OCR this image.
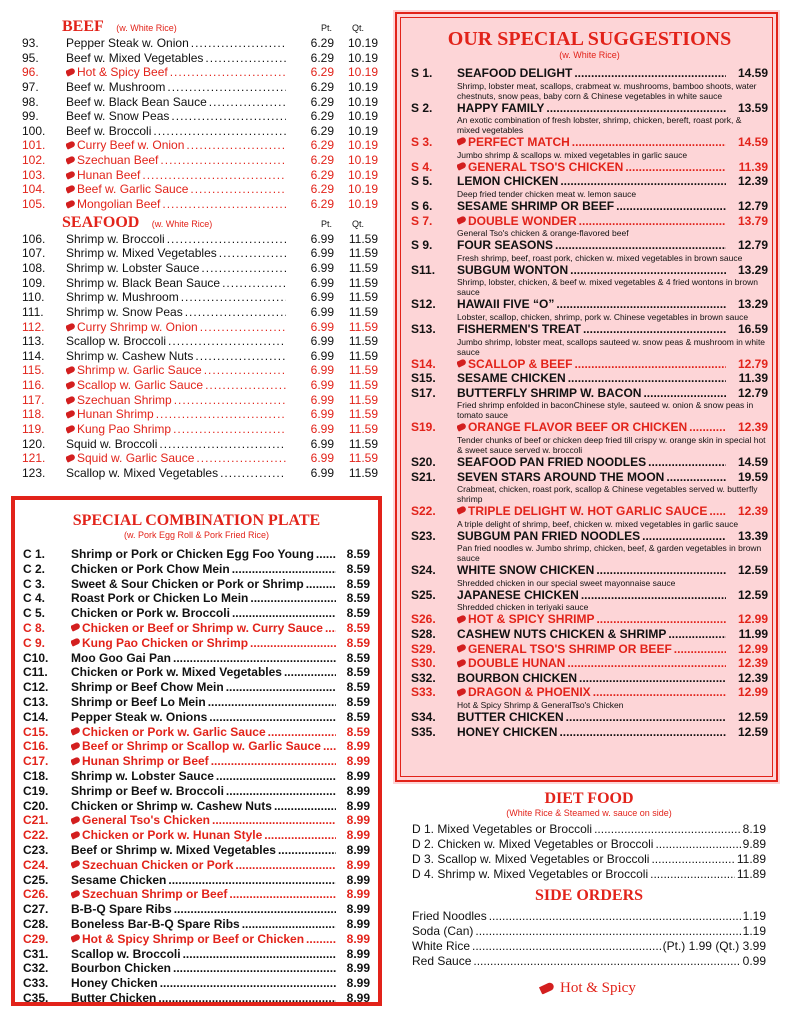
BEEF (w. White Rice)	Pt. Qt.
93.	Pepper Steak w. Onion .....	6.29	10.19
95.	Beef w. Mixed Vegetables .....	6.29	10.19
96.	Hot & Spicy Beef .....	6.29	10.19
97.	Beef w. Mushroom .....	6.29	10.19
98.	Beef w. Black Bean Sauce .....	6.29	10.19
99.	Beef w. Snow Peas .....	6.29	10.19
100.	Beef w. Broccoli .....	6.29	10.19
101.	Curry Beef w. Onion .....	6.29	10.19
102.	Szechuan Beef .....	6.29	10.19
103.	Hunan Beef .....	6.29	10.19
104.	Beef w. Garlic Sauce .....	6.29	10.19
105.	Mongolian Beef .....	6.29	10.19
SEAFOOD (w. White Rice)	Pt. Qt.
106.	Shrimp w. Broccoli .....	6.99	11.59
107.	Shrimp w. Mixed Vegetables .....	6.99	11.59
108.	Shrimp w. Lobster Sauce .....	6.99	11.59
109.	Shrimp w. Black Bean Sauce .....	6.99	11.59
110.	Shrimp w. Mushroom .....	6.99	11.59
111.	Shrimp w. Snow Peas .....	6.99	11.59
112.	Curry Shrimp w. Onion .....	6.99	11.59
113.	Scallop w. Broccoli .....	6.99	11.59
114.	Shrimp w. Cashew Nuts .....	6.99	11.59
115.	Shrimp w. Garlic Sauce .....	6.99	11.59
116.	Scallop w. Garlic Sauce .....	6.99	11.59
117.	Szechuan Shrimp .....	6.99	11.59
118.	Hunan Shrimp .....	6.99	11.59
119.	Kung Pao Shrimp .....	6.99	11.59
120.	Squid w. Broccoli .....	6.99	11.59
121.	Squid w. Garlic Sauce .....	6.99	11.59
123.	Scallop w. Mixed Vegetables .....	6.99	11.59
SPECIAL COMBINATION PLATE
(w. Pork Egg Roll & Pork Fried Rice)
C 1.	Shrimp or Pork or Chicken Egg Foo Young .....	8.59
C 2.	Chicken or Pork Chow Mein .....	8.59
C 3.	Sweet & Sour Chicken or Pork or Shrimp .....	8.59
C 4.	Roast Pork or Chicken Lo Mein .....	8.59
C 5.	Chicken or Pork w. Broccoli .....	8.59
C 8.	Chicken or Beef or Shrimp w. Curry Sauce .....	8.59
C 9.	Kung Pao Chicken or Shrimp .....	8.59
C10.	Moo Goo Gai Pan .....	8.59
C11.	Chicken or Pork w. Mixed Vegetables .....	8.59
C12.	Shrimp or Beef Chow Mein .....	8.59
C13.	Shrimp or Beef Lo Mein .....	8.59
C14.	Pepper Steak w. Onions .....	8.59
C15.	Chicken or Pork w. Garlic Sauce .....	8.59
C16.	Beef or Shrimp or Scallop w. Garlic Sauce .....	8.99
C17.	Hunan Shrimp or Beef .....	8.99
C18.	Shrimp w. Lobster Sauce .....	8.99
C19.	Shrimp or Beef w. Broccoli .....	8.99
C20.	Chicken or Shrimp w. Cashew Nuts .....	8.99
C21.	General Tso's Chicken .....	8.99
C22.	Chicken or Pork w. Hunan Style .....	8.99
C23.	Beef or Shrimp w. Mixed Vegetables .....	8.99
C24.	Szechuan Chicken or Pork .....	8.99
C25.	Sesame Chicken .....	8.99
C26.	Szechuan Shrimp or Beef .....	8.99
C27.	B-B-Q Spare Ribs .....	8.99
C28.	Boneless Bar-B-Q Spare Ribs .....	8.99
C29.	Hot & Spicy Shrimp or Beef or Chicken .....	8.99
C31.	Scallop w. Broccoli .....	8.99
C32.	Bourbon Chicken .....	8.99
C33.	Honey Chicken .....	8.99
C35.	Butter Chicken .....	8.99
OUR SPECIAL SUGGESTIONS
(w. White Rice)
S 1.	SEAFOOD DELIGHT .....	14.59
Shrimp, lobster meat, scallops, crabmeat w. mushrooms, bamboo shoots, water chestnuts, snow peas, baby corn & Chinese vegetables in white sauce
S 2.	HAPPY FAMILY .....	13.59
An exotic combination of fresh lobster, shrimp, chicken, bereft, roast pork, & mixed vegetables
S 3.	PERFECT MATCH .....	14.59
Jumbo shrimp & scallops w. mixed vegetables in garlic sauce
S 4.	GENERAL TSO'S CHICKEN .....	11.39
S 5.	LEMON CHICKEN .....	12.39
Deep fried tender chicken meat w. lemon sauce
S 6.	SESAME SHRIMP OR BEEF .....	12.79
S 7.	DOUBLE WONDER .....	13.79
General Tso's chicken & orange-flavored beef
S 9.	FOUR SEASONS .....	12.79
Fresh shrimp, beef, roast pork, chicken w. mixed vegetables in brown sauce
S11.	SUBGUM WONTON .....	13.29
Shrimp, lobster, chicken, & beef w. mixed vegetables & 4 fried wontons in brown sauce
S12.	HAWAII FIVE “O” .....	13.29
Lobster, scallop, chicken, shrimp, pork w. Chinese vegetables in brown sauce
S13.	FISHERMEN'S TREAT .....	16.59
Jumbo shrimp, lobster meat, scallops sauteed w. snow peas & mushroom in white sauce
S14.	SCALLOP & BEEF .....	12.79
S15.	SESAME CHICKEN .....	11.39
S17.	BUTTERFLY SHRIMP W. BACON .....	12.79
Fried shrimp enfolded in baconChinese style, sauteed w. onion & snow peas in tomato sauce
S19.	ORANGE FLAVOR BEEF OR CHICKEN .....	12.39
Tender chunks of beef or chicken deep fried till crispy w. orange skin in special hot & sweet sauce served w. broccoli
S20.	SEAFOOD PAN FRIED NOODLES .....	14.59
S21.	SEVEN STARS AROUND THE MOON .....	19.59
Crabmeat, chicken, roast pork, scallop & Chinese vegetables served w. butterfly shrimp
S22.	TRIPLE DELIGHT W. HOT GARLIC SAUCE .....	12.39
A triple delight of shrimp, beef, chicken w. mixed vegetables in garlic sauce
S23.	SUBGUM PAN FRIED NOODLES .....	13.39
Pan fried noodles w. Jumbo shrimp, chicken, beef, & garden vegetables in brown sauce
S24.	WHITE SNOW CHICKEN .....	12.59
Shredded chicken in our special sweet mayonnaise sauce
S25.	JAPANESE CHICKEN .....	12.59
Shredded chicken in teriyaki sauce
S26.	HOT & SPICY SHRIMP .....	12.99
S28.	CASHEW NUTS CHICKEN & SHRIMP .....	11.99
S29.	GENERAL TSO'S SHRIMP OR BEEF .....	12.99
S30.	DOUBLE HUNAN .....	12.39
S32.	BOURBON CHICKEN .....	12.39
S33.	DRAGON & PHOENIX .....	12.99
Hot & Spicy Shrimp & GeneralTso's Chicken
S34.	BUTTER CHICKEN .....	12.59
S35.	HONEY CHICKEN .....	12.59
DIET FOOD
(White Rice & Steamed w. sauce on side)
D 1. Mixed Vegetables or Broccoli .....	8.19
D 2. Chicken w. Mixed Vegetables or Broccoli .....	9.89
D 3. Scallop w. Mixed Vegetables or Broccoli .....	11.89
D 4. Shrimp w. Mixed Vegetables or Broccoli .....	11.89
SIDE ORDERS
Fried Noodles .....	1.19
Soda (Can) .....	1.19
White Rice .....	(Pt.) 1.99 (Qt.) 3.99
Red Sauce .....	0.99
Hot & Spicy
